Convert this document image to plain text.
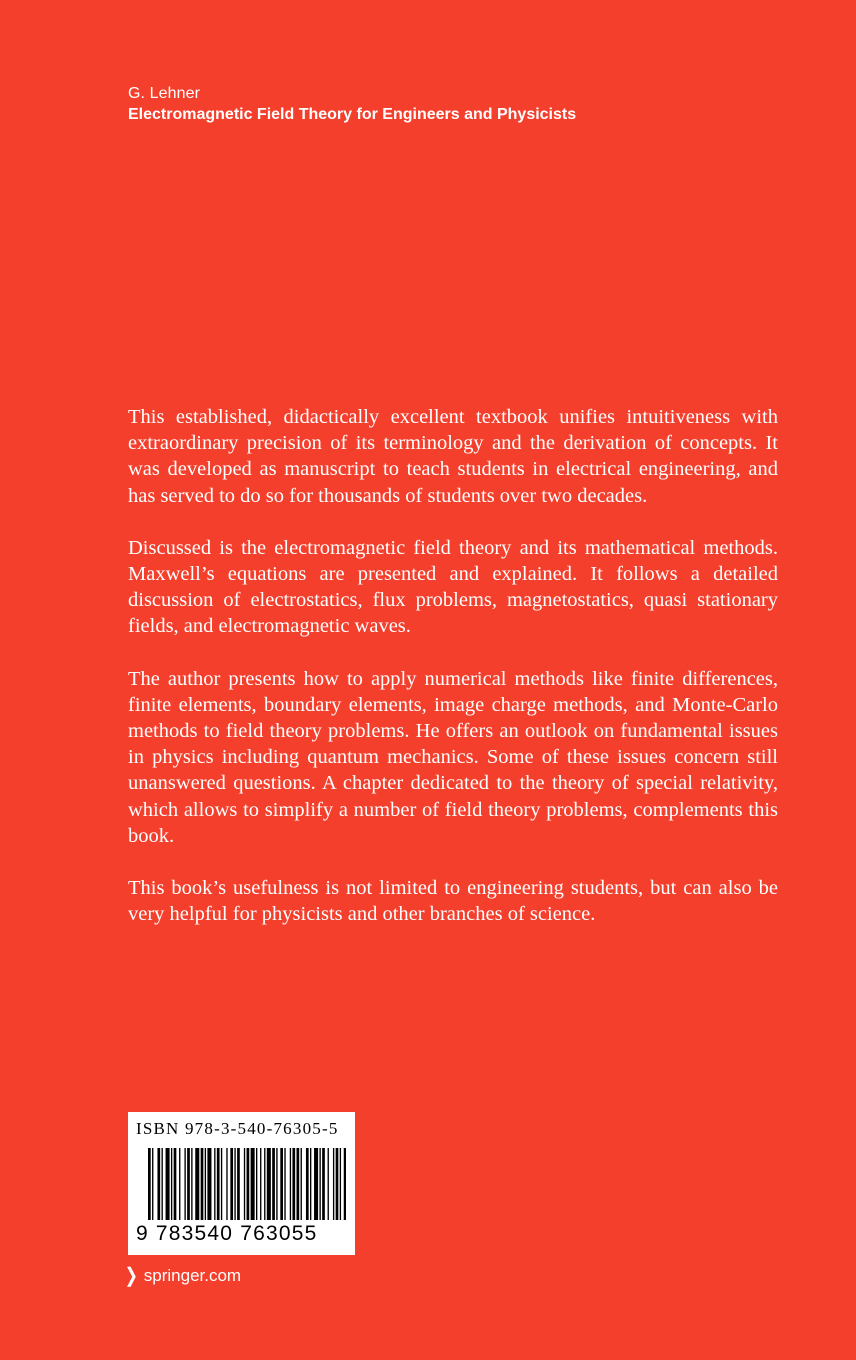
G. Lehner
Electromagnetic Field Theory for Engineers and Physicists

This established, didactically excellent textbook unifies intuitiveness with extraordinary precision of its terminology and the derivation of concepts. It was developed as manuscript to teach students in electrical engineering, and has served to do so for thousands of students over two decades.

Discussed is the electromagnetic field theory and its mathematical methods. Maxwell’s equations are presented and explained. It follows a detailed discussion of electrostatics, flux problems, magnetostatics, quasi stationary fields, and electromagnetic waves.

The author presents how to apply numerical methods like finite differences, finite elements, boundary elements, image charge methods, and Monte-Carlo methods to field theory problems. He offers an outlook on fundamental issues in physics including quantum mechanics. Some of these issues concern still unanswered questions. A chapter dedicated to the theory of special relativity, which allows to simplify a number of field theory problems, complements this book.

This book’s usefulness is not limited to engineering students, but can also be very helpful for physicists and other branches of science.

ISBN 978-3-540-76305-5
9 783540 763055
❯ springer.com
